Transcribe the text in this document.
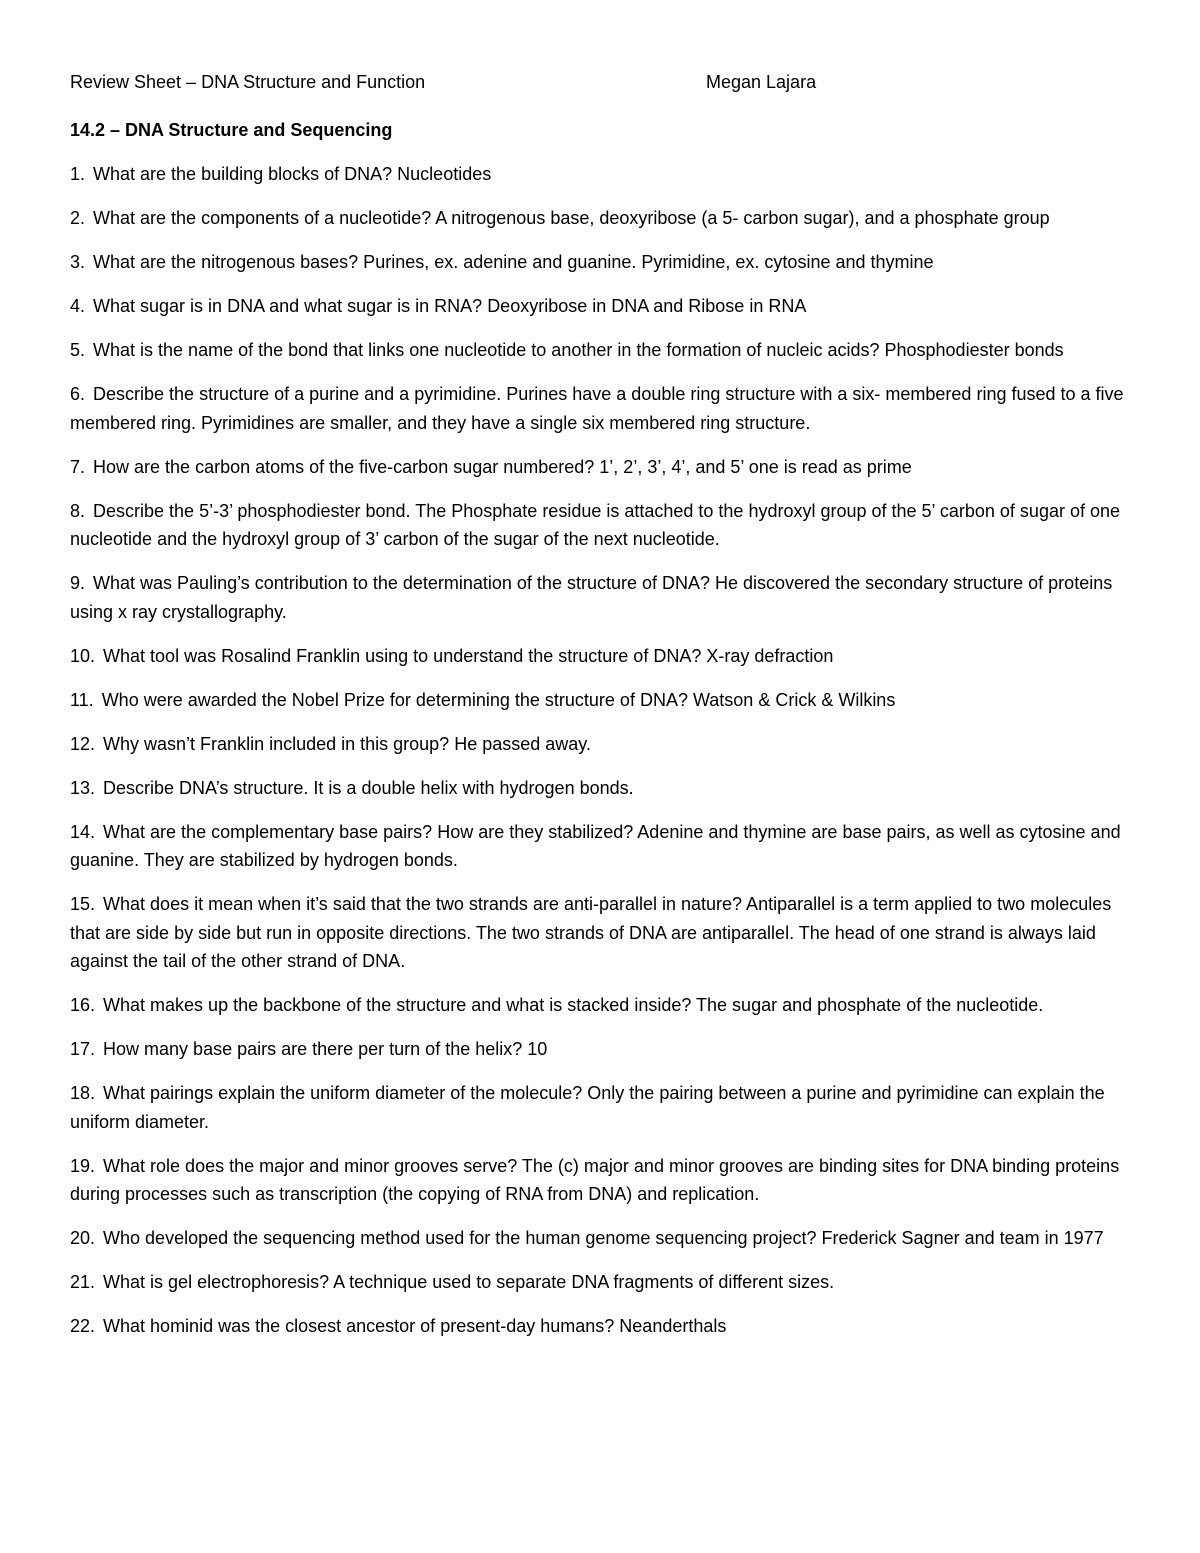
Review Sheet – DNA Structure and Function	Megan Lajara
14.2 – DNA Structure and Sequencing
1. What are the building blocks of DNA? Nucleotides
2. What are the components of a nucleotide? A nitrogenous base, deoxyribose (a 5- carbon sugar), and a phosphate group
3. What are the nitrogenous bases? Purines, ex. adenine and guanine. Pyrimidine, ex. cytosine and thymine
4. What sugar is in DNA and what sugar is in RNA? Deoxyribose in DNA and Ribose in RNA
5. What is the name of the bond that links one nucleotide to another in the formation of nucleic acids? Phosphodiester bonds
6. Describe the structure of a purine and a pyrimidine. Purines have a double ring structure with a six- membered ring fused to a five membered ring. Pyrimidines are smaller, and they have a single six membered ring structure.
7. How are the carbon atoms of the five-carbon sugar numbered? 1’, 2’, 3’, 4’, and 5’ one is read as prime
8. Describe the 5’-3’ phosphodiester bond. The Phosphate residue is attached to the hydroxyl group of the 5’ carbon of sugar of one nucleotide and the hydroxyl group of 3’ carbon of the sugar of the next nucleotide.
9. What was Pauling’s contribution to the determination of the structure of DNA? He discovered the secondary structure of proteins using x ray crystallography.
10. What tool was Rosalind Franklin using to understand the structure of DNA? X-ray defraction
11. Who were awarded the Nobel Prize for determining the structure of DNA? Watson & Crick & Wilkins
12. Why wasn’t Franklin included in this group? He passed away.
13. Describe DNA’s structure. It is a double helix with hydrogen bonds.
14. What are the complementary base pairs? How are they stabilized? Adenine and thymine are base pairs, as well as cytosine and guanine. They are stabilized by hydrogen bonds.
15. What does it mean when it’s said that the two strands are anti-parallel in nature? Antiparallel is a term applied to two molecules that are side by side but run in opposite directions. The two strands of DNA are antiparallel. The head of one strand is always laid against the tail of the other strand of DNA.
16. What makes up the backbone of the structure and what is stacked inside? The sugar and phosphate of the nucleotide.
17. How many base pairs are there per turn of the helix? 10
18. What pairings explain the uniform diameter of the molecule? Only the pairing between a purine and pyrimidine can explain the uniform diameter.
19. What role does the major and minor grooves serve? The (c) major and minor grooves are binding sites for DNA binding proteins during processes such as transcription (the copying of RNA from DNA) and replication.
20. Who developed the sequencing method used for the human genome sequencing project? Frederick Sagner and team in 1977
21. What is gel electrophoresis? A technique used to separate DNA fragments of different sizes.
22. What hominid was the closest ancestor of present-day humans? Neanderthals
